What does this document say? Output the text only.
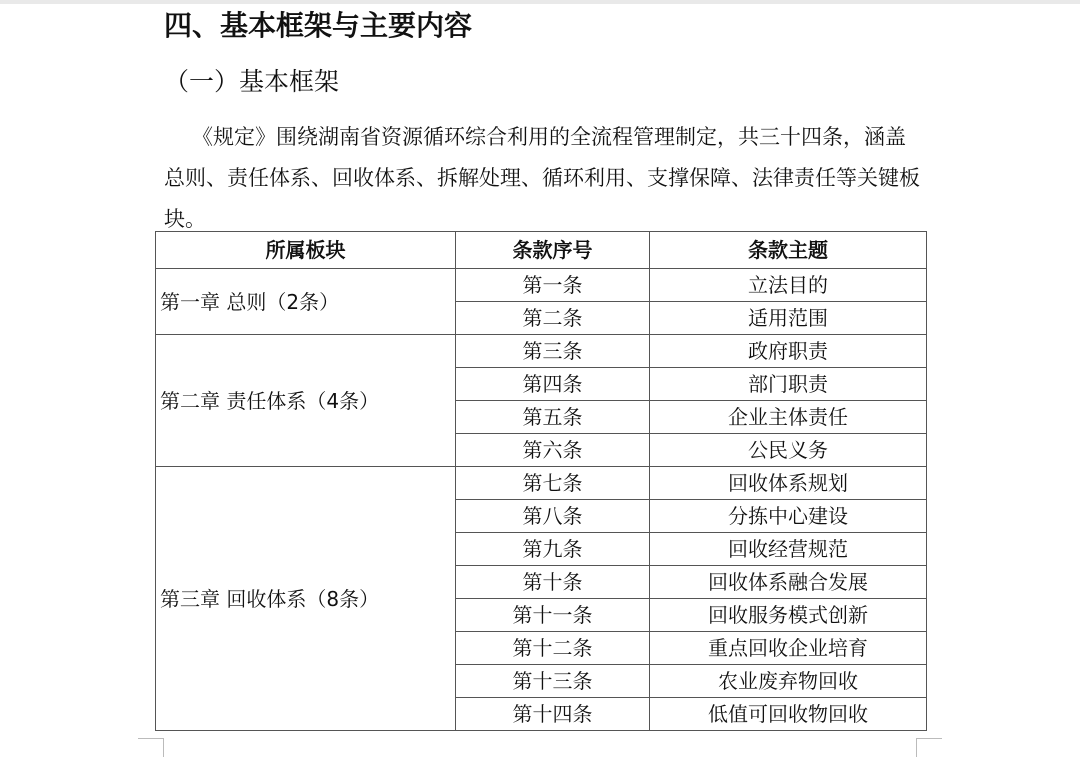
四、基本框架与主要内容
（一）基本框架

《规定》围绕湖南省资源循环综合利用的全流程管理制定，共三十四条，涵盖总则、责任体系、回收体系、拆解处理、循环利用、支撑保障、法律责任等关键板块。

所属板块	条款序号	条款主题
第一章 总则（2条）	第一条	立法目的
	第二条	适用范围
第二章 责任体系（4条）	第三条	政府职责
	第四条	部门职责
	第五条	企业主体责任
	第六条	公民义务
第三章 回收体系（8条）	第七条	回收体系规划
	第八条	分拣中心建设
	第九条	回收经营规范
	第十条	回收体系融合发展
	第十一条	回收服务模式创新
	第十二条	重点回收企业培育
	第十三条	农业废弃物回收
	第十四条	低值可回收物回收
